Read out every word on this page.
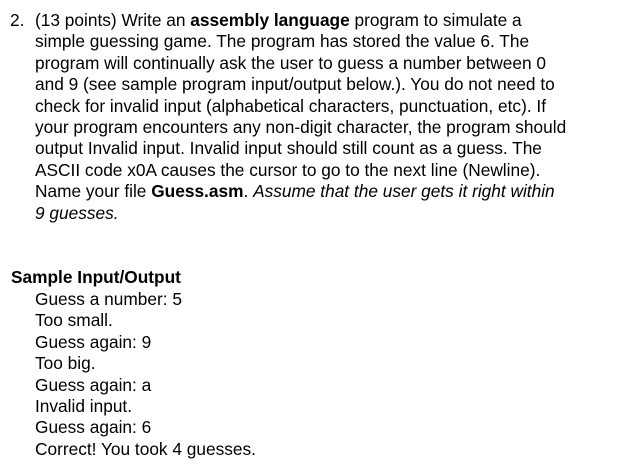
2. (13 points) Write an assembly language program to simulate a

simple guessing game. The program has stored the value 6. The

program will continually ask the user to guess a number between 0

and 9 (see sample program input/output below.). You do not need to

check for invalid input (alphabetical characters, punctuation, etc). If

your program encounters any non-digit character, the program should

output Invalid input. Invalid input should still count as a guess. The

ASCII code x0A causes the cursor to go to the next line (Newline).

Name your file Guess.asm. Assume that the user gets it right within

9 guesses.

Sample Input/Output

Guess a number: 5
Too small.
Guess again: 9
Too big.
Guess again: a
Invalid input.
Guess again: 6
Correct! You took 4 guesses.
